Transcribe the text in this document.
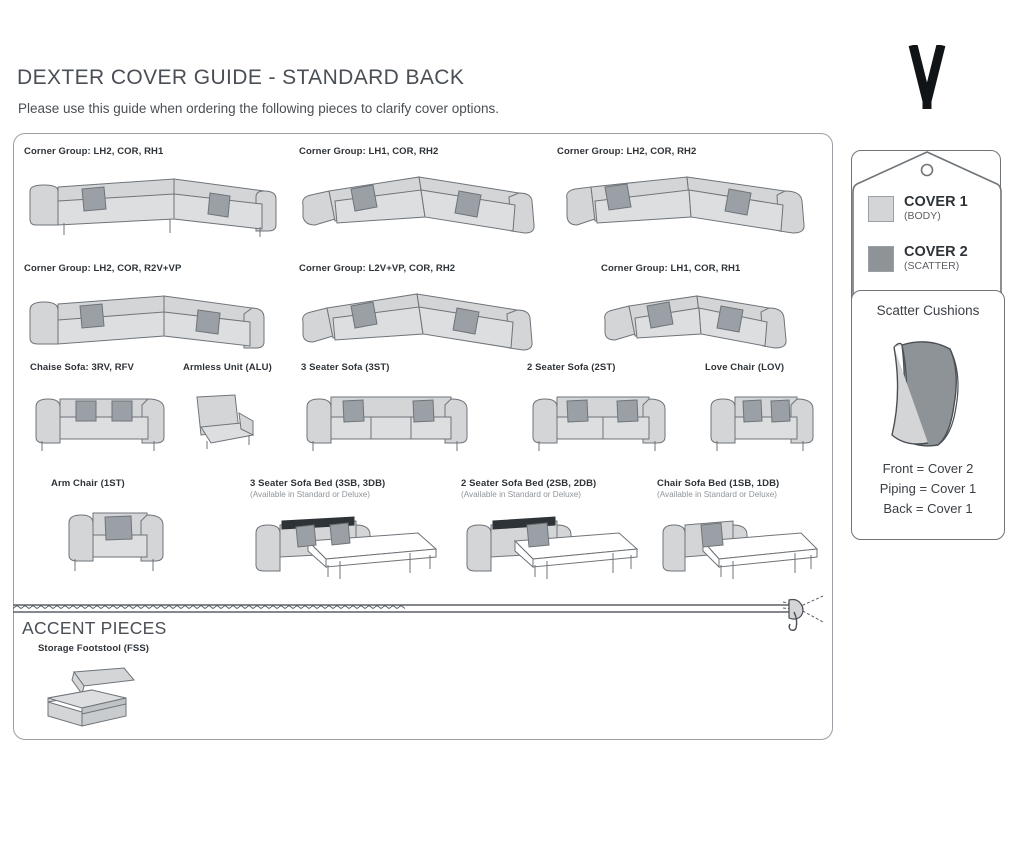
DEXTER COVER GUIDE - STANDARD BACK
Please use this guide when ordering the following pieces to clarify cover options.
Corner Group: LH2, COR, RH1	Corner Group: LH1, COR, RH2	Corner Group: LH2, COR, RH2
Corner Group: LH2, COR, R2V+VP	Corner Group: L2V+VP, COR, RH2	Corner Group: LH1, COR, RH1
Chaise Sofa: 3RV, RFV	Armless Unit (ALU)	3 Seater Sofa (3ST)	2 Seater Sofa (2ST)	Love Chair (LOV)
Arm Chair (1ST)	3 Seater Sofa Bed (3SB, 3DB)
(Available in Standard or Deluxe)
2 Seater Sofa Bed (2SB, 2DB)
(Available in Standard or Deluxe)
Chair Sofa Bed (1SB, 1DB)
(Available in Standard or Deluxe)
ACCENT PIECES
Storage Footstool (FSS)
COVER 1
(BODY)
COVER 2
(SCATTER)
Scatter Cushions
Front = Cover 2
Piping = Cover 1
Back = Cover 1
